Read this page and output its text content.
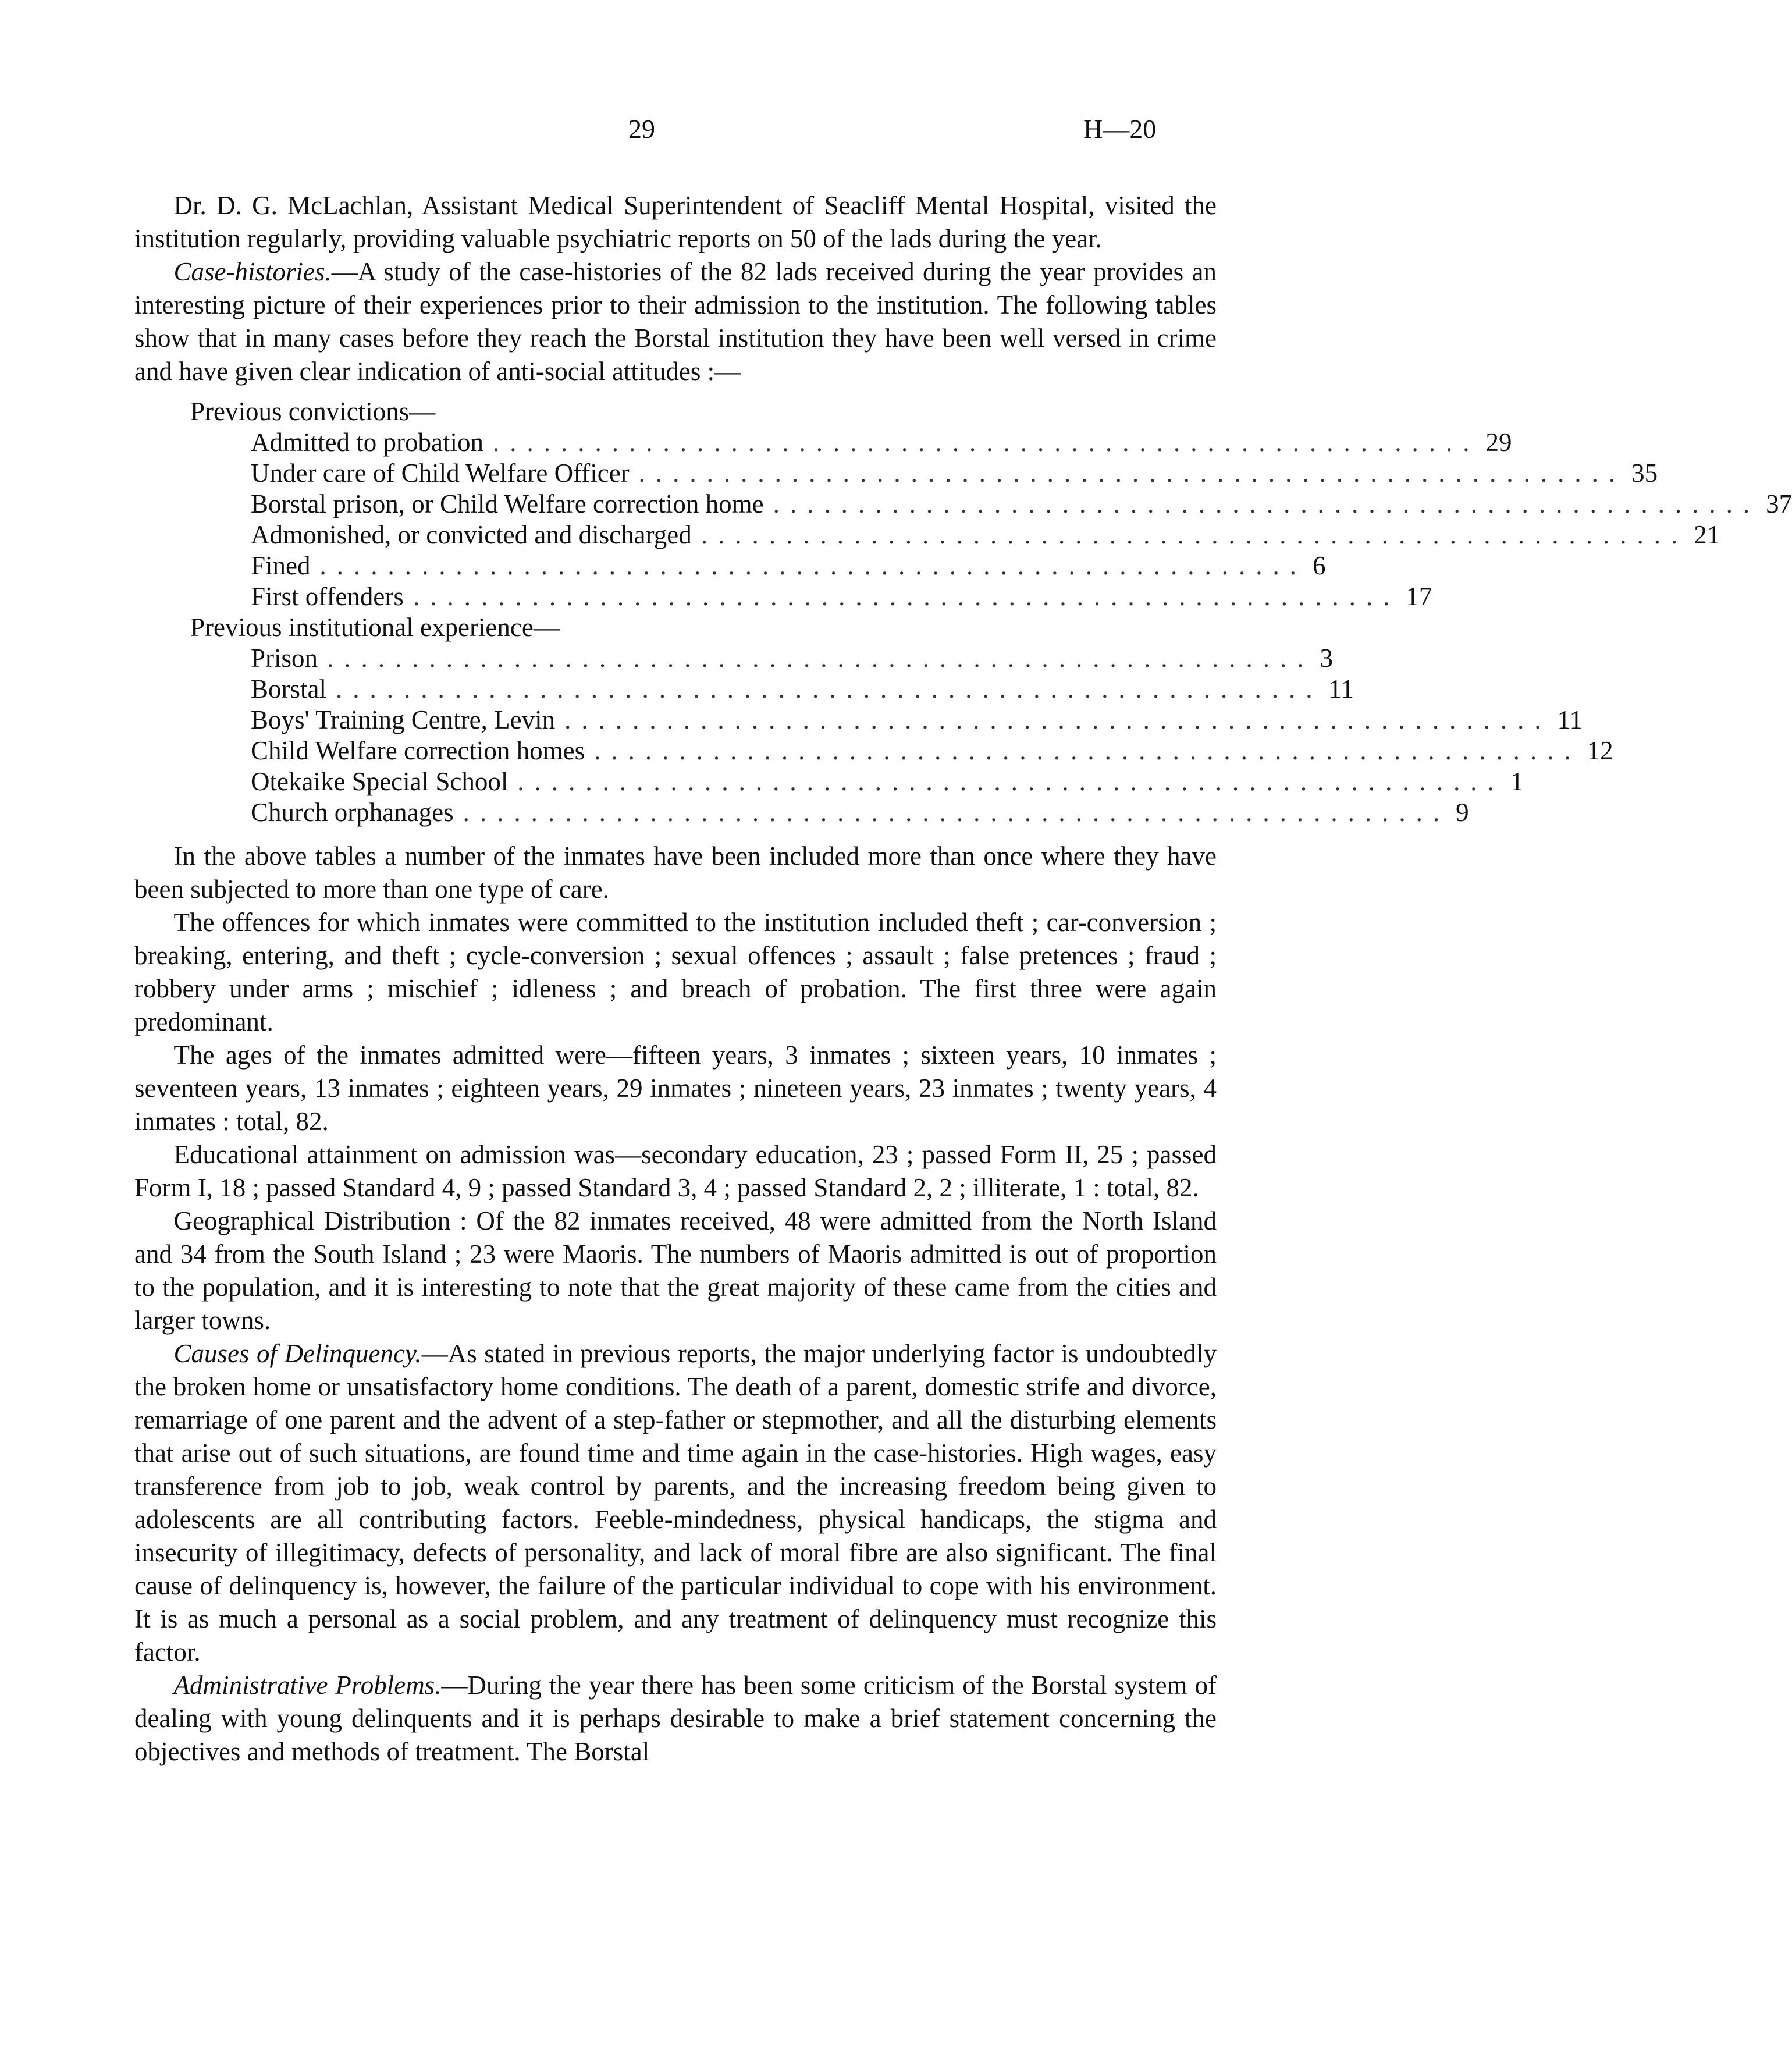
29	H—20

Dr. D. G. McLachlan, Assistant Medical Superintendent of Seacliff Mental Hospital, visited the institution regularly, providing valuable psychiatric reports on 50 of the lads during the year.

Case-histories.—A study of the case-histories of the 82 lads received during the year provides an interesting picture of their experiences prior to their admission to the institution. The following tables show that in many cases before they reach the Borstal institution they have been well versed in crime and have given clear indication of anti-social attitudes :—

Previous convictions—
Admitted to probation .......................................................... 29
Under care of Child Welfare Officer .......................................................... 35
Borstal prison, or Child Welfare correction home .......................................................... 37
Admonished, or convicted and discharged .......................................................... 21
Fined .......................................................... 6
First offenders .......................................................... 17
Previous institutional experience—
Prison .......................................................... 3
Borstal .......................................................... 11
Boys' Training Centre, Levin .......................................................... 11
Child Welfare correction homes .......................................................... 12
Otekaike Special School .......................................................... 1
Church orphanages .......................................................... 9

In the above tables a number of the inmates have been included more than once where they have been subjected to more than one type of care.

The offences for which inmates were committed to the institution included theft ; car-conversion ; breaking, entering, and theft ; cycle-conversion ; sexual offences ; assault ; false pretences ; fraud ; robbery under arms ; mischief ; idleness ; and breach of probation. The first three were again predominant.

The ages of the inmates admitted were—fifteen years, 3 inmates ; sixteen years, 10 inmates ; seventeen years, 13 inmates ; eighteen years, 29 inmates ; nineteen years, 23 inmates ; twenty years, 4 inmates : total, 82.

Educational attainment on admission was—secondary education, 23 ; passed Form II, 25 ; passed Form I, 18 ; passed Standard 4, 9 ; passed Standard 3, 4 ; passed Standard 2, 2 ; illiterate, 1 : total, 82.

Geographical Distribution : Of the 82 inmates received, 48 were admitted from the North Island and 34 from the South Island ; 23 were Maoris. The numbers of Maoris admitted is out of proportion to the population, and it is interesting to note that the great majority of these came from the cities and larger towns.

Causes of Delinquency.—As stated in previous reports, the major underlying factor is undoubtedly the broken home or unsatisfactory home conditions. The death of a parent, domestic strife and divorce, remarriage of one parent and the advent of a step-father or stepmother, and all the disturbing elements that arise out of such situations, are found time and time again in the case-histories. High wages, easy transference from job to job, weak control by parents, and the increasing freedom being given to adolescents are all contributing factors. Feeble-mindedness, physical handicaps, the stigma and insecurity of illegitimacy, defects of personality, and lack of moral fibre are also significant. The final cause of delinquency is, however, the failure of the particular individual to cope with his environment. It is as much a personal as a social problem, and any treatment of delinquency must recognize this factor.

Administrative Problems.—During the year there has been some criticism of the Borstal system of dealing with young delinquents and it is perhaps desirable to make a brief statement concerning the objectives and methods of treatment. The Borstal
